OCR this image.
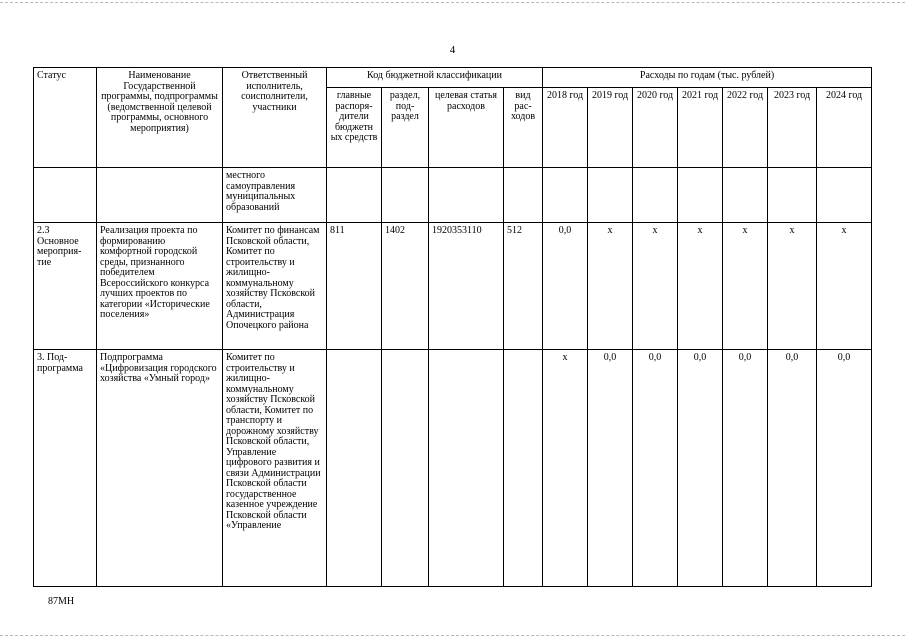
4
Статус	Наименование Государственной программы, подпрограммы (ведомственной целевой программы, основного мероприятия)	Ответственный исполнитель, соисполнители, участники	Код бюджетной классификации				Расходы по годам (тыс. рублей)						
			главные распоря-дители бюджетн ых средств	раздел, под-раздел	целевая статья расходов	вид рас-ходов	2018 год	2019 год	2020 год	2021 год	2022 год	2023 год	2024 год
		местного самоуправления муниципальных образований											
2.3 Основное мероприя-тие	Реализация проекта по формированию комфортной городской среды, признанного победителем Всероссийского конкурса лучших проектов по категории «Исторические поселения»	Комитет по финансам Псковской области, Комитет по строительству и жилищно-коммунальному хозяйству Псковской области, Администрация Опочецкого района	811	1402	1920353110	512	0,0	x	x	x	x	x	x
3. Под-программа	Подпрограмма «Цифровизация городского хозяйства «Умный город»	Комитет по строительству и жилищно-коммунальному хозяйству Псковской области, Комитет по транспорту и дорожному хозяйству Псковской области, Управление цифрового развития и связи Администрации Псковской области государственное казенное учреждение Псковской области «Управление					x	0,0	0,0	0,0	0,0	0,0	0,0
87МН
